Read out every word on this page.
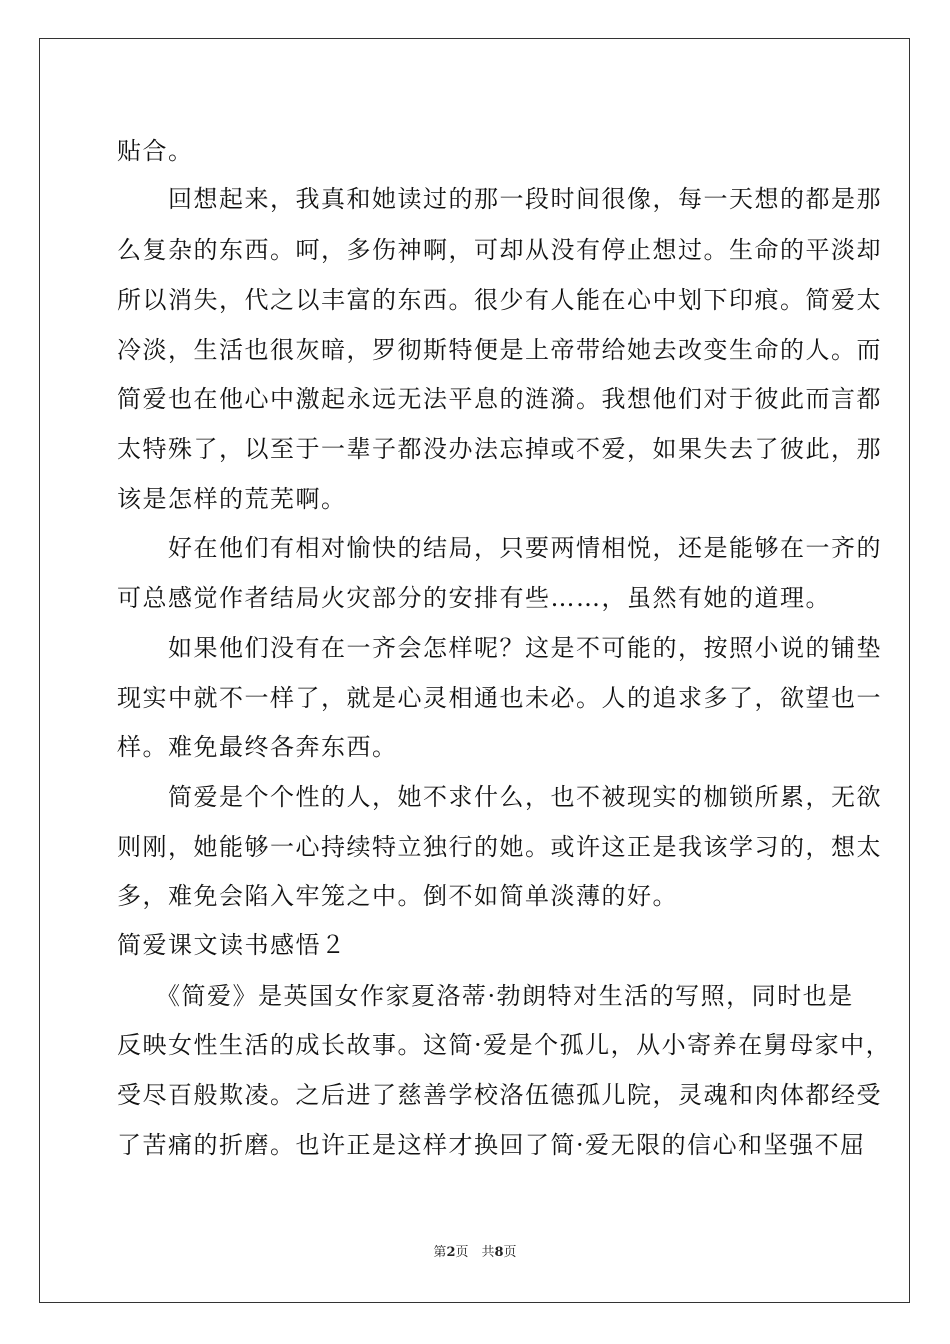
贴合。
　　回想起来，我真和她读过的那一段时间很像，每一天想的都是那
么复杂的东西。呵，多伤神啊，可却从没有停止想过。生命的平淡却
所以消失，代之以丰富的东西。很少有人能在心中划下印痕。简爱太
冷淡，生活也很灰暗，罗彻斯特便是上帝带给她去改变生命的人。而
简爱也在他心中激起永远无法平息的涟漪。我想他们对于彼此而言都
太特殊了，以至于一辈子都没办法忘掉或不爱，如果失去了彼此，那
该是怎样的荒芜啊。
　　好在他们有相对愉快的结局，只要两情相悦，还是能够在一齐的
可总感觉作者结局火灾部分的安排有些……，虽然有她的道理。
　　如果他们没有在一齐会怎样呢？这是不可能的，按照小说的铺垫
现实中就不一样了，就是心灵相通也未必。人的追求多了，欲望也一
样。难免最终各奔东西。
　　简爱是个个性的人，她不求什么，也不被现实的枷锁所累，无欲
则刚，她能够一心持续特立独行的她。或许这正是我该学习的，想太
多，难免会陷入牢笼之中。倒不如简单淡薄的好。
简爱课文读书感悟２
　　《简爱》是英国女作家夏洛蒂·勃朗特对生活的写照，同时也是
反映女性生活的成长故事。这简·爱是个孤儿，从小寄养在舅母家中，
受尽百般欺凌。之后进了慈善学校洛伍德孤儿院，灵魂和肉体都经受
了苦痛的折磨。也许正是这样才换回了简·爱无限的信心和坚强不屈
第2页　共8页
